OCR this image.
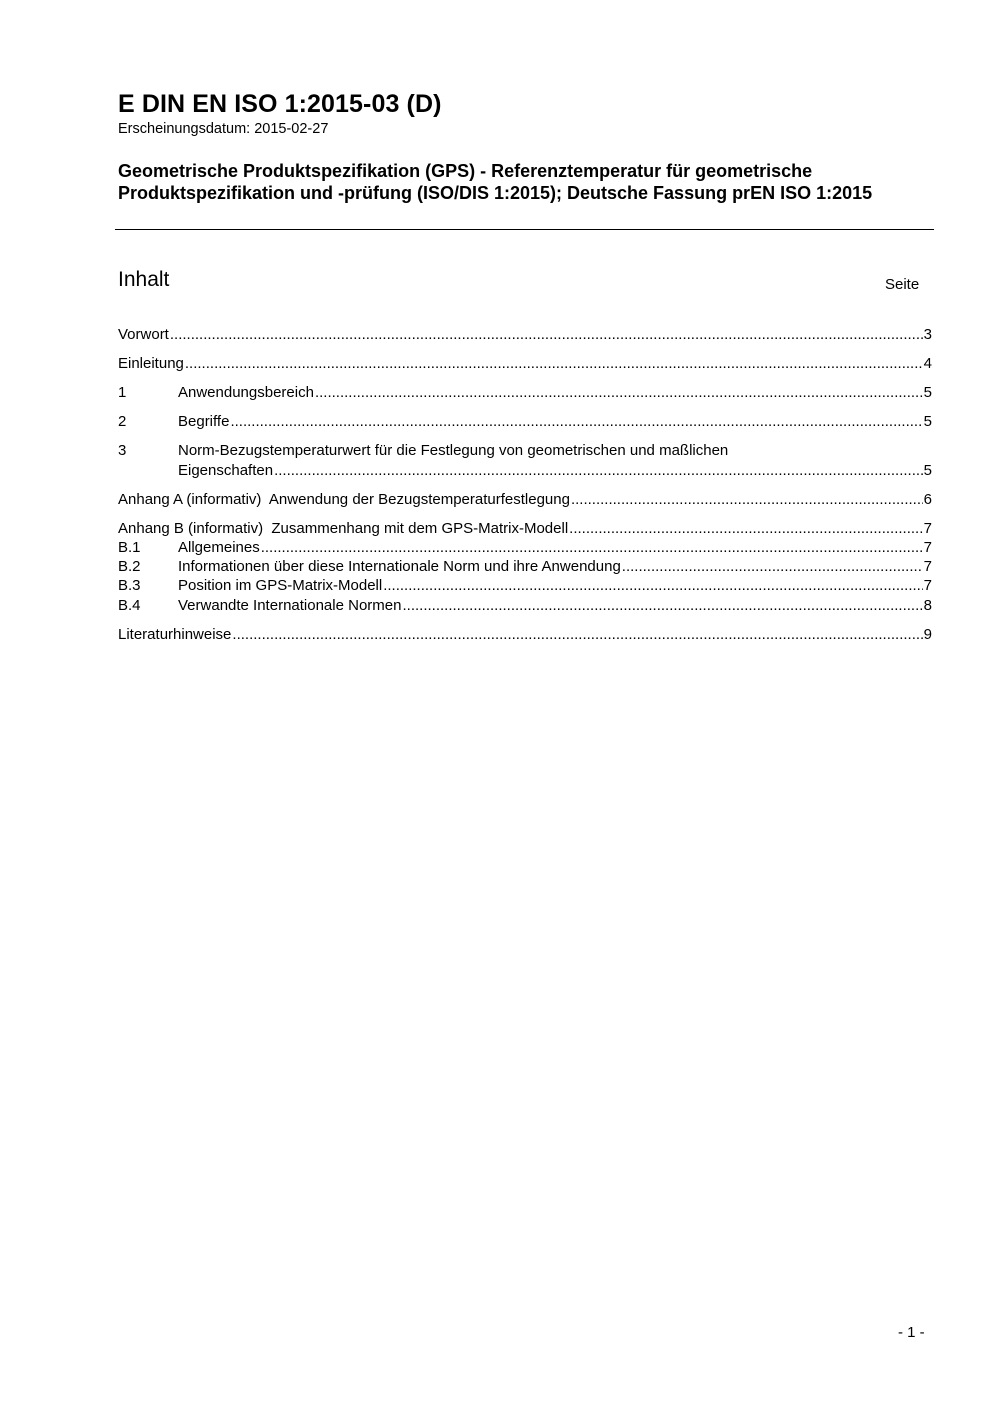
E DIN EN ISO 1:2015-03 (D)
Erscheinungsdatum: 2015-02-27
Geometrische Produktspezifikation (GPS) - Referenztemperatur für geometrische Produktspezifikation und -prüfung (ISO/DIS 1:2015); Deutsche Fassung prEN ISO 1:2015
Inhalt	Seite
Vorwort .....	3
Einleitung .....	4
1	Anwendungsbereich .....	5
2	Begriffe .....	5
3	Norm-Bezugstemperaturwert für die Festlegung von geometrischen und maßlichen
Eigenschaften .....	5
Anhang A (informativ)  Anwendung der Bezugstemperaturfestlegung .....	6
Anhang B (informativ)  Zusammenhang mit dem GPS-Matrix-Modell .....	7
B.1	Allgemeines .....	7
B.2	Informationen über diese Internationale Norm und ihre Anwendung .....	7
B.3	Position im GPS-Matrix-Modell .....	7
B.4	Verwandte Internationale Normen .....	8
Literaturhinweise .....	9
- 1 -
